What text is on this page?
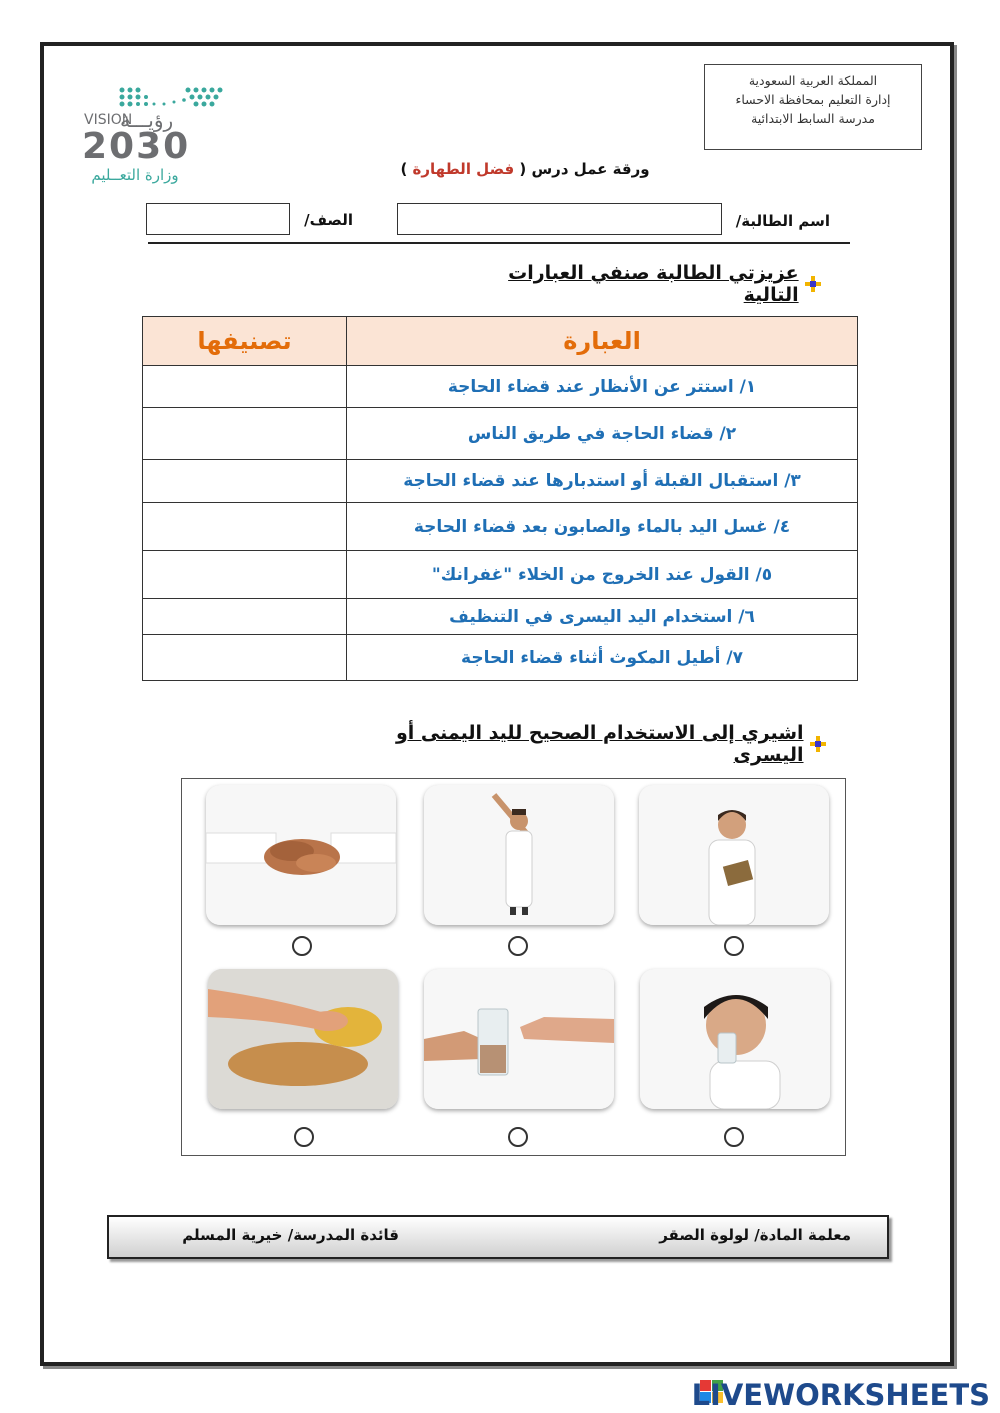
المملكة العربية السعودية
إدارة التعليم بمحافظة الاحساء
مدرسة السابط الابتدائية
رؤيـــة
VISION
2030
وزارة التعــليم	ورقة عمل درس ( فضل الطهارة )
اسم الطالبة/
الصف/
عزيزتي الطالبة صنفي العبارات التالية
العبارة	تصنيفها
١/ استتر عن الأنظار عند قضاء الحاجة	
٢/ قضاء الحاجة في طريق الناس	
٣/ استقبال القبلة أو استدبارها عند قضاء الحاجة	
٤/ غسل اليد بالماء والصابون بعد قضاء الحاجة	
٥/ القول عند الخروج من الخلاء "غفرانك"	
٦/ استخدام اليد اليسرى في التنظيف	
٧/ أطيل المكوث أثناء قضاء الحاجة	
اشيري إلى الاستخدام الصحيح لليد اليمنى أو اليسرى
معلمة المادة/ لولوة الصقر
قائدة المدرسة/ خيرية المسلم
LIVEWORKSHEETS
